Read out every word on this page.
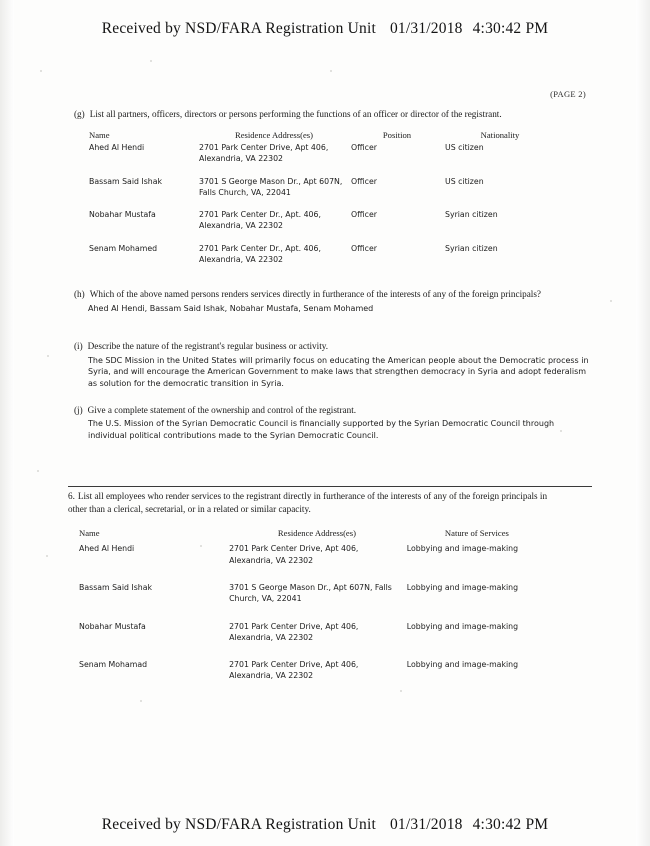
Received by NSD/FARA Registration Unit 01/31/2018 4:30:42 PM
(PAGE 2)
(g) List all partners, officers, directors or persons performing the functions of an officer or director of the registrant.
Name	Residence Address(es)	Position	Nationality
Ahed Al Hendi	2701 Park Center Drive, Apt 406, Alexandria, VA 22302	Officer	US citizen
Bassam Said Ishak	3701 S George Mason Dr., Apt 607N, Falls Church, VA, 22041	Officer	US citizen
Nobahar Mustafa	2701 Park Center Dr., Apt. 406, Alexandria, VA 22302	Officer	Syrian citizen
Senam Mohamed	2701 Park Center Dr., Apt. 406, Alexandria, VA 22302	Officer	Syrian citizen
(h) Which of the above named persons renders services directly in furtherance of the interests of any of the foreign principals?
Ahed Al Hendi, Bassam Said Ishak, Nobahar Mustafa, Senam Mohamed
(i) Describe the nature of the registrant's regular business or activity.
The SDC Mission in the United States will primarily focus on educating the American people about the Democratic process in Syria, and will encourage the American Government to make laws that strengthen democracy in Syria and adopt federalism as solution for the democratic transition in Syria.
(j) Give a complete statement of the ownership and control of the registrant.
The U.S. Mission of the Syrian Democratic Council is financially supported by the Syrian Democratic Council through individual political contributions made to the Syrian Democratic Council.
6. List all employees who render services to the registrant directly in furtherance of the interests of any of the foreign principals in
other than a clerical, secretarial, or in a related or similar capacity.
Name	Residence Address(es)	Nature of Services
Ahed Al Hendi	2701 Park Center Drive, Apt 406, Alexandria, VA 22302	Lobbying and image-making
Bassam Said Ishak	3701 S George Mason Dr., Apt 607N, Falls Church, VA, 22041	Lobbying and image-making
Nobahar Mustafa	2701 Park Center Drive, Apt 406, Alexandria, VA 22302	Lobbying and image-making
Senam Mohamad	2701 Park Center Drive, Apt 406, Alexandria, VA 22302	Lobbying and image-making
Received by NSD/FARA Registration Unit 01/31/2018 4:30:42 PM
